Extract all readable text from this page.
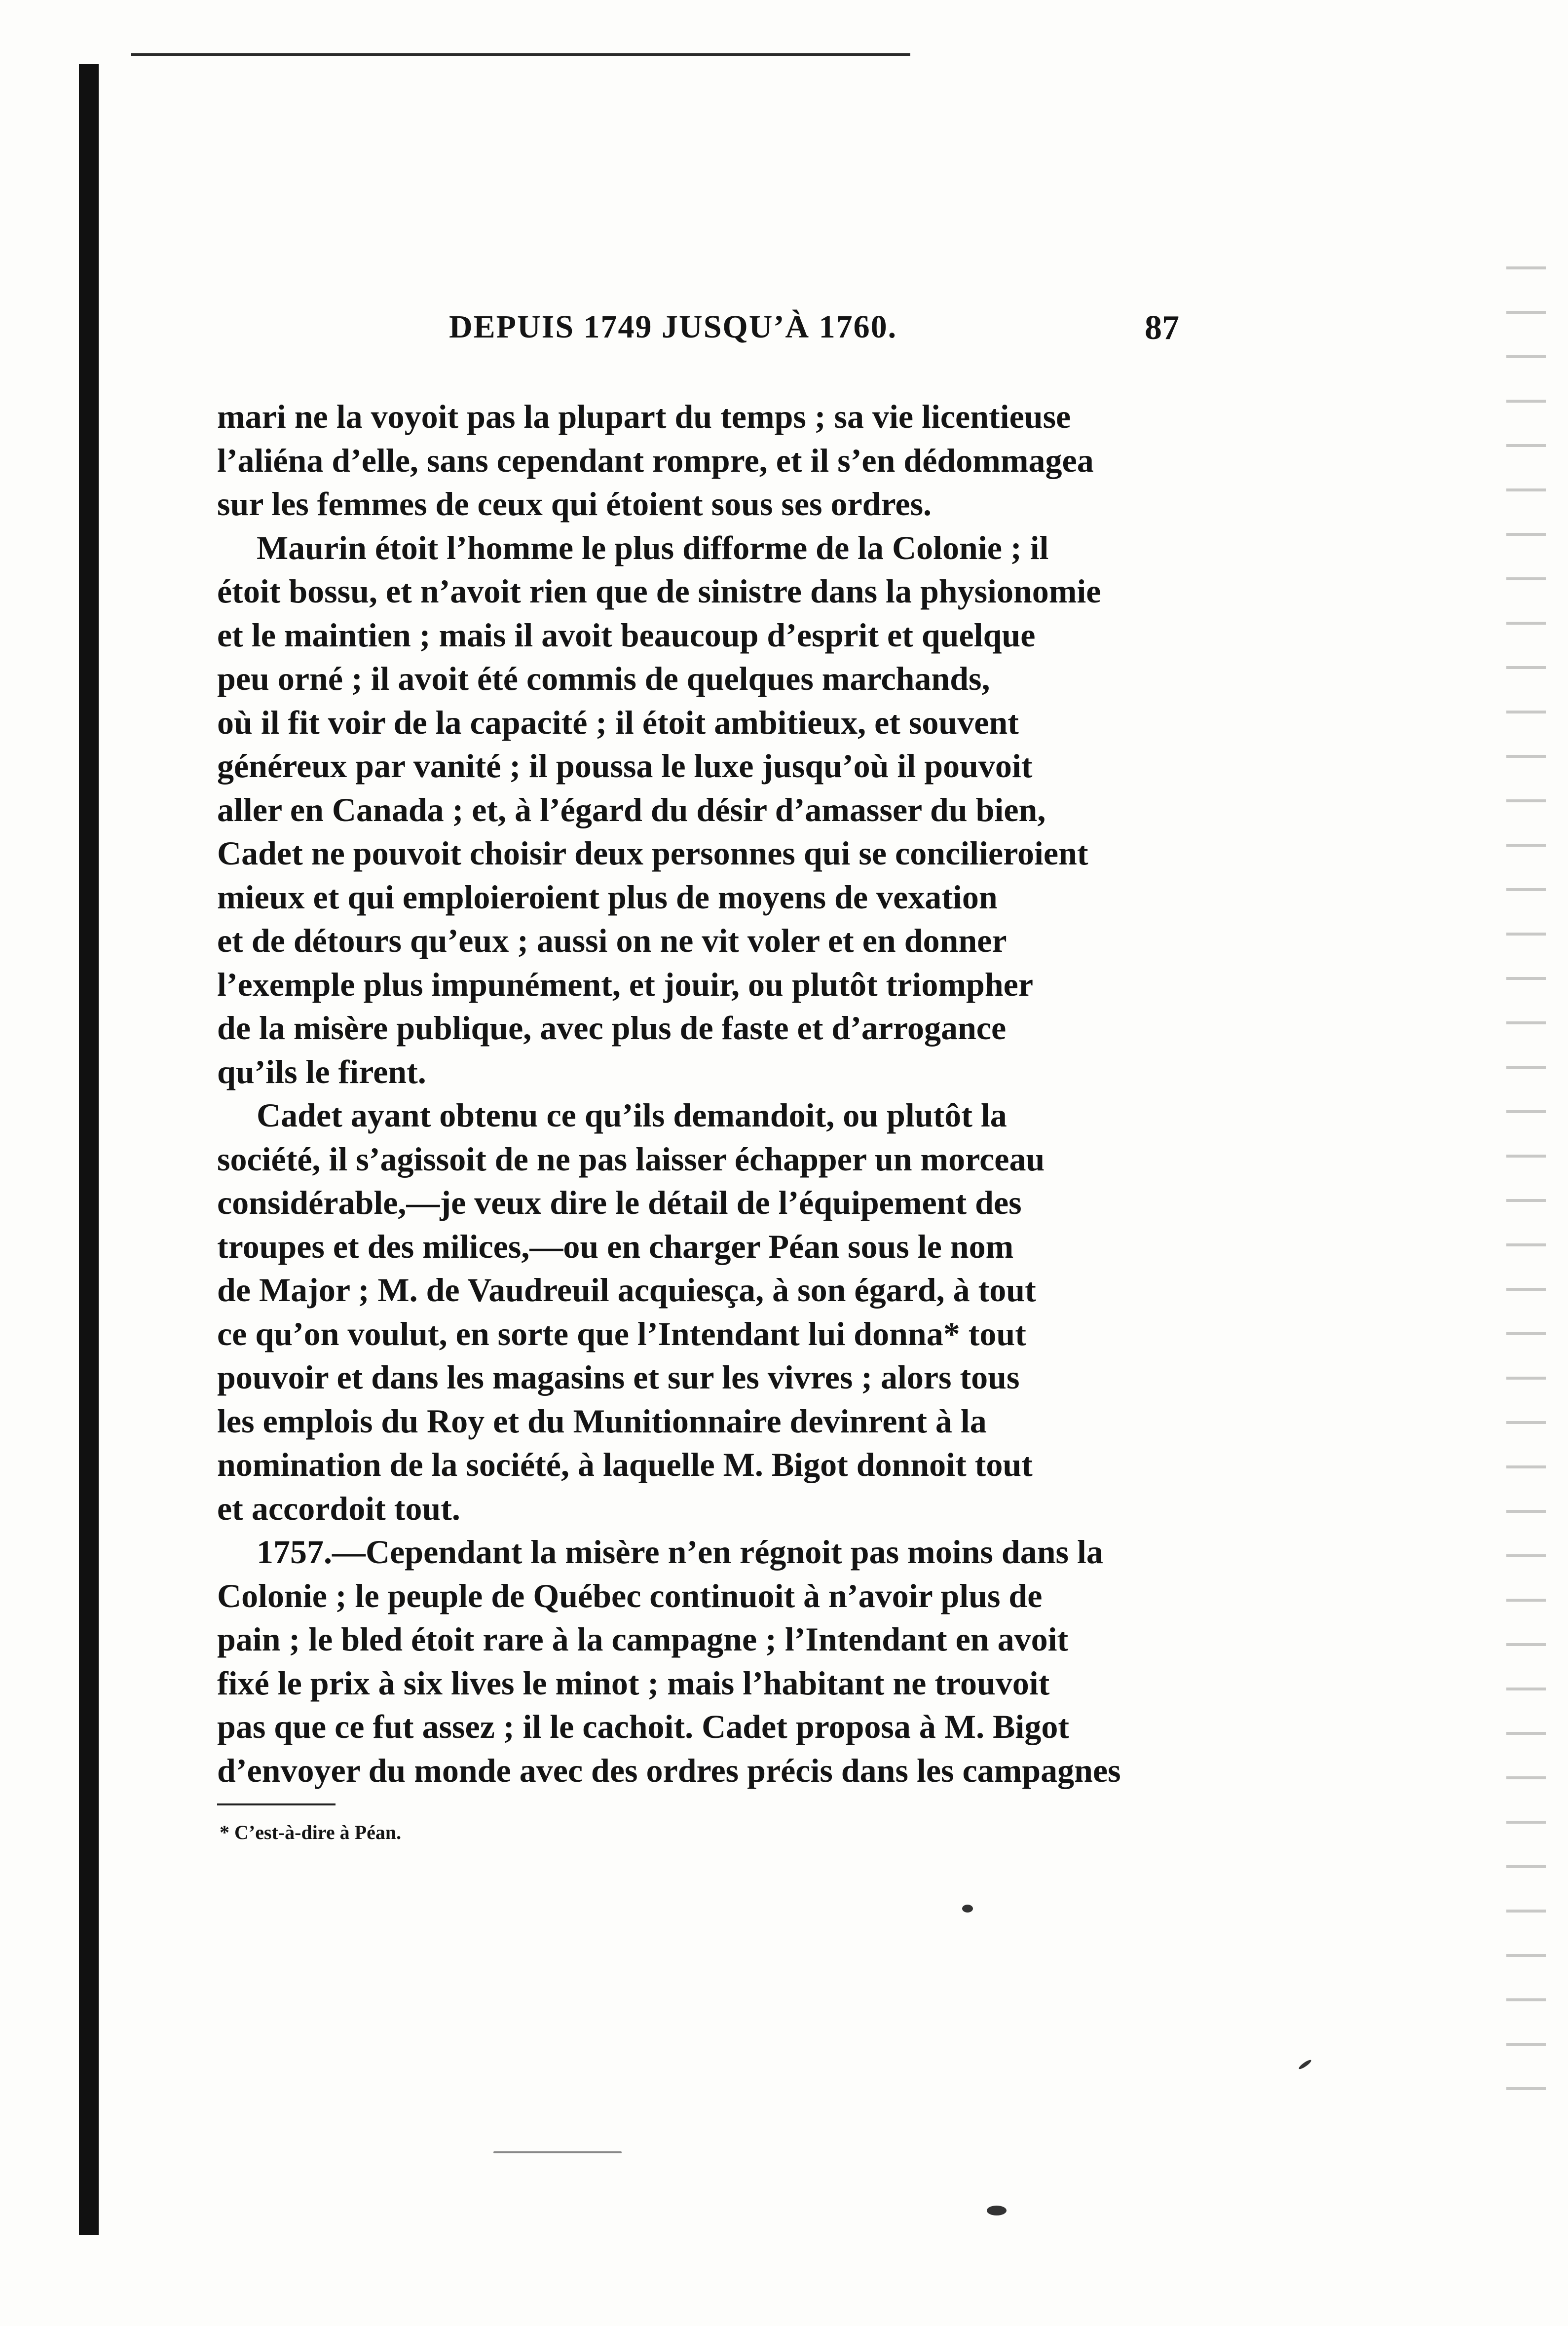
DEPUIS 1749 JUSQU’À 1760.	87
mari ne la voyoit pas la plupart du temps ; sa vie licentieuse
l’aliéna d’elle, sans cependant rompre, et il s’en dédommagea
sur les femmes de ceux qui étoient sous ses ordres.
Maurin étoit l’homme le plus difforme de la Colonie ; il
étoit bossu, et n’avoit rien que de sinistre dans la physionomie
et le maintien ; mais il avoit beaucoup d’esprit et quelque
peu orné ; il avoit été commis de quelques marchands,
où il fit voir de la capacité ; il étoit ambitieux, et souvent
généreux par vanité ; il poussa le luxe jusqu’où il pouvoit
aller en Canada ; et, à l’égard du désir d’amasser du bien,
Cadet ne pouvoit choisir deux personnes qui se concilieroient
mieux et qui emploieroient plus de moyens de vexation
et de détours qu’eux ; aussi on ne vit voler et en donner
l’exemple plus impunément, et jouir, ou plutôt triompher
de la misère publique, avec plus de faste et d’arrogance
qu’ils le firent.
Cadet ayant obtenu ce qu’ils demandoit, ou plutôt la
société, il s’agissoit de ne pas laisser échapper un morceau
considérable,—je veux dire le détail de l’équipement des
troupes et des milices,—ou en charger Péan sous le nom
de Major ; M. de Vaudreuil acquiesça, à son égard, à tout
ce qu’on voulut, en sorte que l’Intendant lui donna* tout
pouvoir et dans les magasins et sur les vivres ; alors tous
les emplois du Roy et du Munitionnaire devinrent à la
nomination de la société, à laquelle M. Bigot donnoit tout
et accordoit tout.
1757.—Cependant la misère n’en régnoit pas moins dans la
Colonie ; le peuple de Québec continuoit à n’avoir plus de
pain ; le bled étoit rare à la campagne ; l’Intendant en avoit
fixé le prix à six lives le minot ; mais l’habitant ne trouvoit
pas que ce fut assez ; il le cachoit. Cadet proposa à M. Bigot
d’envoyer du monde avec des ordres précis dans les campagnes
* C’est-à-dire à Péan.
